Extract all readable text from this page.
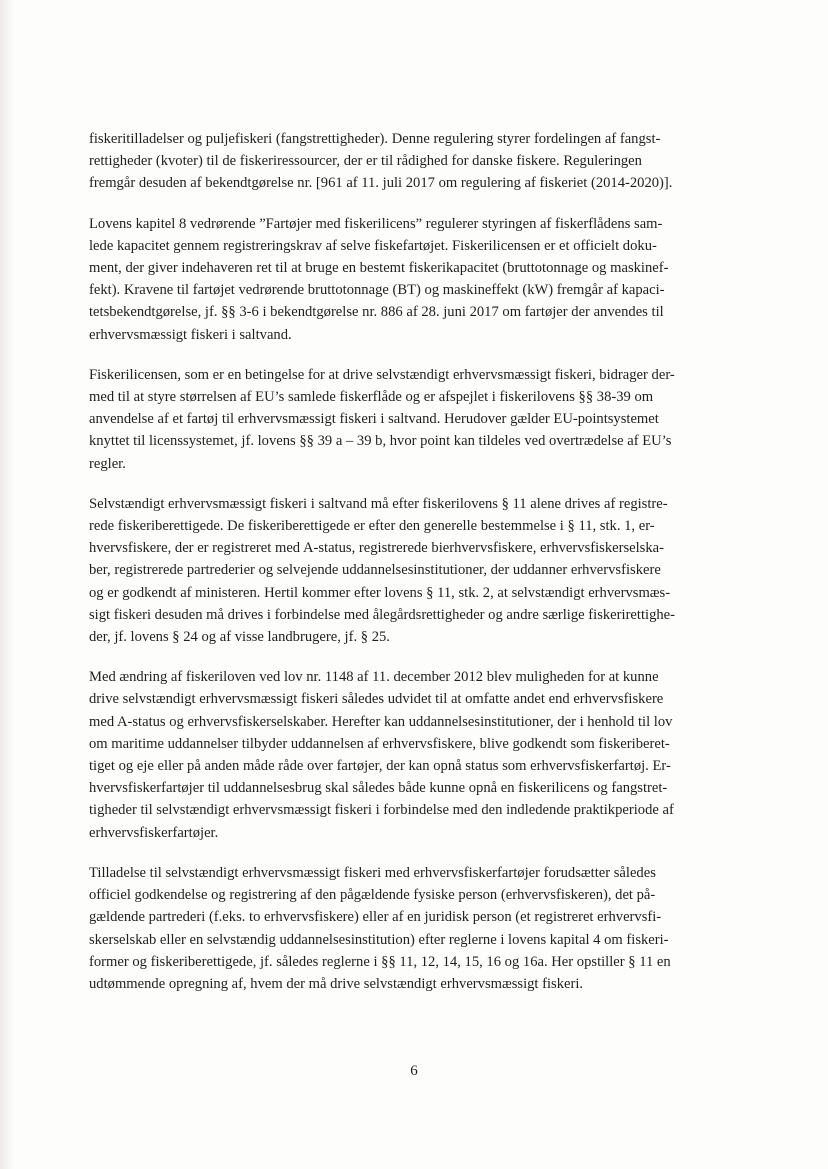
fiskeritilladelser og puljefiskeri (fangstrettigheder). Denne regulering styrer fordelingen af fangst-
rettigheder (kvoter) til de fiskeriressourcer, der er til rådighed for danske fiskere. Reguleringen
fremgår desuden af bekendtgørelse nr. [961 af 11. juli 2017 om regulering af fiskeriet (2014-2020)].

Lovens kapitel 8 vedrørende ”Fartøjer med fiskerilicens” regulerer styringen af fiskerflådens sam-
lede kapacitet gennem registreringskrav af selve fiskefartøjet. Fiskerilicensen er et officielt doku-
ment, der giver indehaveren ret til at bruge en bestemt fiskerikapacitet (bruttotonnage og maskinef-
fekt). Kravene til fartøjet vedrørende bruttotonnage (BT) og maskineffekt (kW) fremgår af kapaci-
tetsbekendtgørelse, jf. §§ 3-6 i bekendtgørelse nr. 886 af 28. juni 2017 om fartøjer der anvendes til
erhvervsmæssigt fiskeri i saltvand.

Fiskerilicensen, som er en betingelse for at drive selvstændigt erhvervsmæssigt fiskeri, bidrager der-
med til at styre størrelsen af EU’s samlede fiskerflåde og er afspejlet i fiskerilovens §§ 38-39 om
anvendelse af et fartøj til erhvervsmæssigt fiskeri i saltvand. Herudover gælder EU-pointsystemet
knyttet til licenssystemet, jf. lovens §§ 39 a – 39 b, hvor point kan tildeles ved overtrædelse af EU’s
regler.

Selvstændigt erhvervsmæssigt fiskeri i saltvand må efter fiskerilovens § 11 alene drives af registre-
rede fiskeriberettigede. De fiskeriberettigede er efter den generelle bestemmelse i § 11, stk. 1, er-
hvervsfiskere, der er registreret med A-status, registrerede bierhvervsfiskere, erhvervsfiskerselska-
ber, registrerede partrederier og selvejende uddannelsesinstitutioner, der uddanner erhvervsfiskere
og er godkendt af ministeren. Hertil kommer efter lovens § 11, stk. 2, at selvstændigt erhvervsmæs-
sigt fiskeri desuden må drives i forbindelse med ålegårdsrettigheder og andre særlige fiskerirettighe-
der, jf. lovens § 24 og af visse landbrugere, jf. § 25.

Med ændring af fiskeriloven ved lov nr. 1148 af 11. december 2012 blev muligheden for at kunne
drive selvstændigt erhvervsmæssigt fiskeri således udvidet til at omfatte andet end erhvervsfiskere
med A-status og erhvervsfiskerselskaber. Herefter kan uddannelsesinstitutioner, der i henhold til lov
om maritime uddannelser tilbyder uddannelsen af erhvervsfiskere, blive godkendt som fiskeriberet-
tiget og eje eller på anden måde råde over fartøjer, der kan opnå status som erhvervsfiskerfartøj. Er-
hvervsfiskerfartøjer til uddannelsesbrug skal således både kunne opnå en fiskerilicens og fangstret-
tigheder til selvstændigt erhvervsmæssigt fiskeri i forbindelse med den indledende praktikperiode af
erhvervsfiskerfartøjer.

Tilladelse til selvstændigt erhvervsmæssigt fiskeri med erhvervsfiskerfartøjer forudsætter således
officiel godkendelse og registrering af den pågældende fysiske person (erhvervsfiskeren), det på-
gældende partrederi (f.eks. to erhvervsfiskere) eller af en juridisk person (et registreret erhvervsfi-
skerselskab eller en selvstændig uddannelsesinstitution) efter reglerne i lovens kapital 4 om fiskeri-
former og fiskeriberettigede, jf. således reglerne i §§ 11, 12, 14, 15, 16 og 16a. Her opstiller § 11 en
udtømmende opregning af, hvem der må drive selvstændigt erhvervsmæssigt fiskeri.

6
